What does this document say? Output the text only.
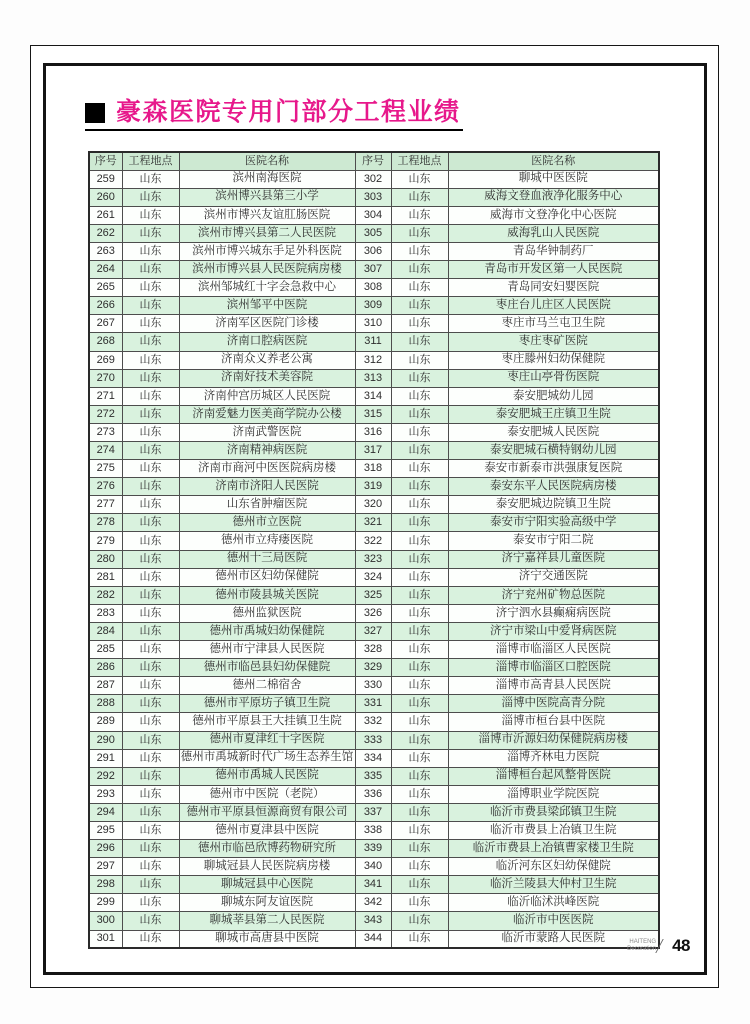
豪森医院专用门部分工程业绩
序号	工程地点	医院名称	序号	工程地点	医院名称
259	山东	滨州南海医院	302	山东	聊城中医医院
260	山东	滨州博兴县第三小学	303	山东	威海文登血液净化服务中心
261	山东	滨州市博兴友谊肛肠医院	304	山东	威海市文登净化中心医院
262	山东	滨州市博兴县第二人民医院	305	山东	威海乳山人民医院
263	山东	滨州市博兴城东手足外科医院	306	山东	青岛华钟制药厂
264	山东	滨州市博兴县人民医院病房楼	307	山东	青岛市开发区第一人民医院
265	山东	滨州邹城红十字会急救中心	308	山东	青岛同安妇婴医院
266	山东	滨州邹平中医院	309	山东	枣庄台儿庄区人民医院
267	山东	济南军区医院门诊楼	310	山东	枣庄市马兰屯卫生院
268	山东	济南口腔病医院	311	山东	枣庄枣矿医院
269	山东	济南众义养老公寓	312	山东	枣庄滕州妇幼保健院
270	山东	济南好技术美容院	313	山东	枣庄山亭骨伤医院
271	山东	济南仲宫历城区人民医院	314	山东	泰安肥城幼儿园
272	山东	济南爱魅力医美商学院办公楼	315	山东	泰安肥城王庄镇卫生院
273	山东	济南武警医院	316	山东	泰安肥城人民医院
274	山东	济南精神病医院	317	山东	泰安肥城石横特钢幼儿园
275	山东	济南市商河中医医院病房楼	318	山东	泰安市新泰市洪强康复医院
276	山东	济南市济阳人民医院	319	山东	泰安东平人民医院病房楼
277	山东	山东省肿瘤医院	320	山东	泰安肥城边院镇卫生院
278	山东	德州市立医院	321	山东	泰安市宁阳实验高级中学
279	山东	德州市立痔瘘医院	322	山东	泰安市宁阳二院
280	山东	德州十三局医院	323	山东	济宁嘉祥县儿童医院
281	山东	德州市区妇幼保健院	324	山东	济宁交通医院
282	山东	德州市陵县城关医院	325	山东	济宁兖州矿物总医院
283	山东	德州监狱医院	326	山东	济宁泗水县癫痫病医院
284	山东	德州市禹城妇幼保健院	327	山东	济宁市梁山中爱肾病医院
285	山东	德州市宁津县人民医院	328	山东	淄博市临淄区人民医院
286	山东	德州市临邑县妇幼保健院	329	山东	淄博市临淄区口腔医院
287	山东	德州二棉宿舍	330	山东	淄博市高青县人民医院
288	山东	德州市平原坊子镇卫生院	331	山东	淄博中医院高青分院
289	山东	德州市平原县王大挂镇卫生院	332	山东	淄博市桓台县中医院
290	山东	德州市夏津红十字医院	333	山东	淄博市沂源妇幼保健院病房楼
291	山东	德州市禹城新时代广场生态养生馆	334	山东	淄博齐林电力医院
292	山东	德州市禹城人民医院	335	山东	淄博桓台起风整骨医院
293	山东	德州市中医院（老院）	336	山东	淄博职业学院医院
294	山东	德州市平原县恒源商贸有限公司	337	山东	临沂市费县梁邱镇卫生院
295	山东	德州市夏津县中医院	338	山东	临沂市费县上冶镇卫生院
296	山东	德州市临邑欣博药物研究所	339	山东	临沂市费县上冶镇曹家楼卫生院
297	山东	聊城冠县人民医院病房楼	340	山东	临沂河东区妇幼保健院
298	山东	聊城冠县中心医院	341	山东	临沂兰陵县大仲村卫生院
299	山东	聊城东阿友谊医院	342	山东	临沂临沭洪峰医院
300	山东	聊城莘县第二人民医院	343	山东	临沂市中医医院
301	山东	聊城市高唐县中医院	344	山东	临沂市蒙路人民医院	HAITENG
Decoration 48
